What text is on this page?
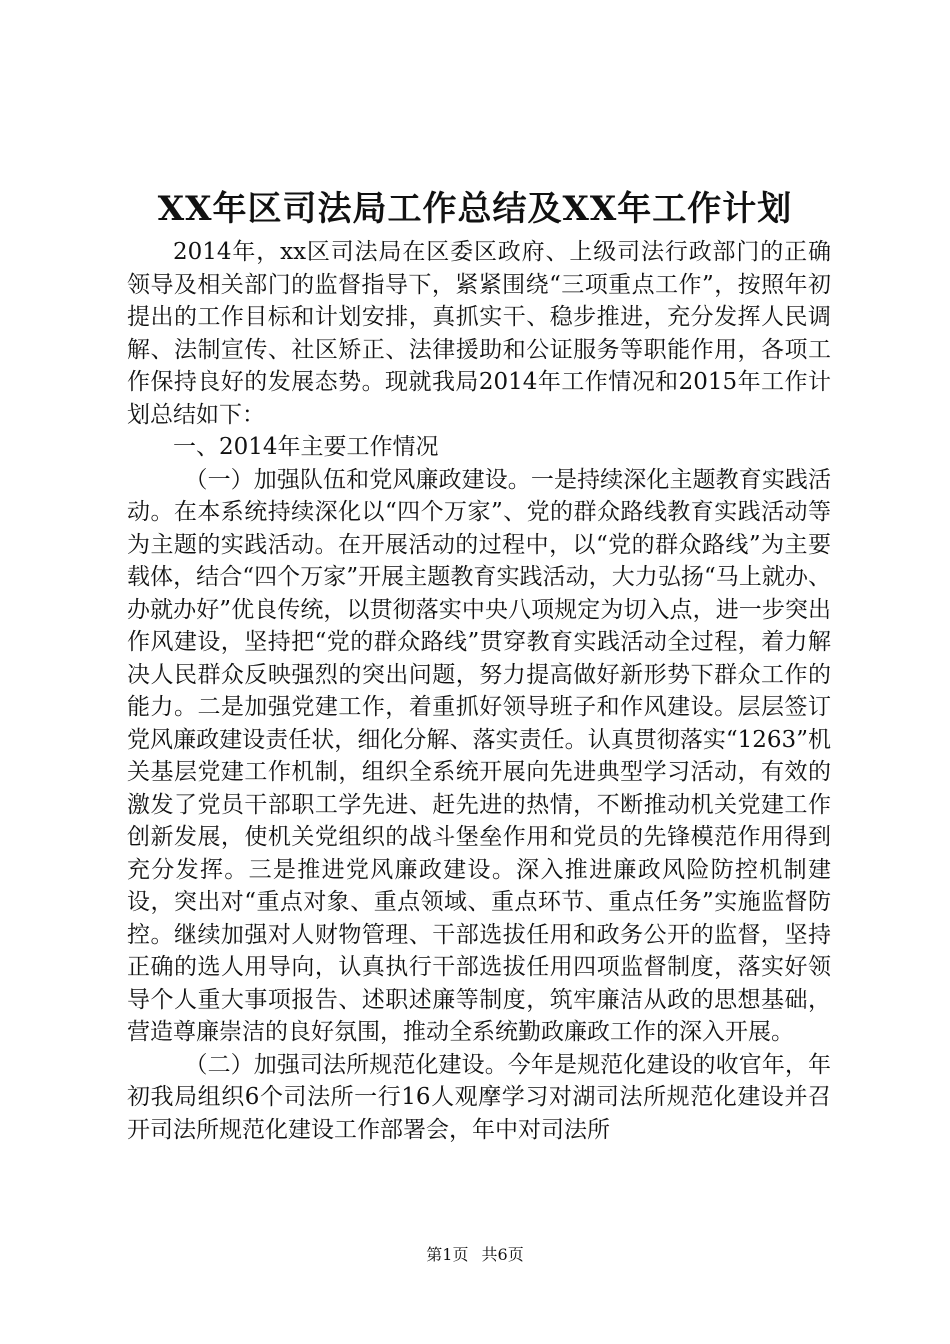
XX年区司法局工作总结及XX年工作计划

2014年，xx区司法局在区委区政府、上级司法行政部门的正确领导及相关部门的监督指导下，紧紧围绕“三项重点工作”，按照年初提出的工作目标和计划安排，真抓实干、稳步推进，充分发挥人民调解、法制宣传、社区矫正、法律援助和公证服务等职能作用，各项工作保持良好的发展态势。现就我局2014年工作情况和2015年工作计划总结如下：

一、2014年主要工作情况

（一）加强队伍和党风廉政建设。一是持续深化主题教育实践活动。在本系统持续深化以“四个万家”、党的群众路线教育实践活动等为主题的实践活动。在开展活动的过程中，以“党的群众路线”为主要载体，结合“四个万家”开展主题教育实践活动，大力弘扬“马上就办、办就办好”优良传统，以贯彻落实中央八项规定为切入点，进一步突出作风建设，坚持把“党的群众路线”贯穿教育实践活动全过程，着力解决人民群众反映强烈的突出问题，努力提高做好新形势下群众工作的能力。二是加强党建工作，着重抓好领导班子和作风建设。层层签订党风廉政建设责任状，细化分解、落实责任。认真贯彻落实“1263”机关基层党建工作机制，组织全系统开展向先进典型学习活动，有效的激发了党员干部职工学先进、赶先进的热情，不断推动机关党建工作创新发展，使机关党组织的战斗堡垒作用和党员的先锋模范作用得到充分发挥。三是推进党风廉政建设。深入推进廉政风险防控机制建设，突出对“重点对象、重点领域、重点环节、重点任务”实施监督防控。继续加强对人财物管理、干部选拔任用和政务公开的监督，坚持正确的选人用导向，认真执行干部选拔任用四项监督制度，落实好领导个人重大事项报告、述职述廉等制度，筑牢廉洁从政的思想基础，营造尊廉崇洁的良好氛围，推动全系统勤政廉政工作的深入开展。

（二）加强司法所规范化建设。今年是规范化建设的收官年，年初我局组织6个司法所一行16人观摩学习对湖司法所规范化建设并召开司法所规范化建设工作部署会，年中对司法所

第1页 共6页
